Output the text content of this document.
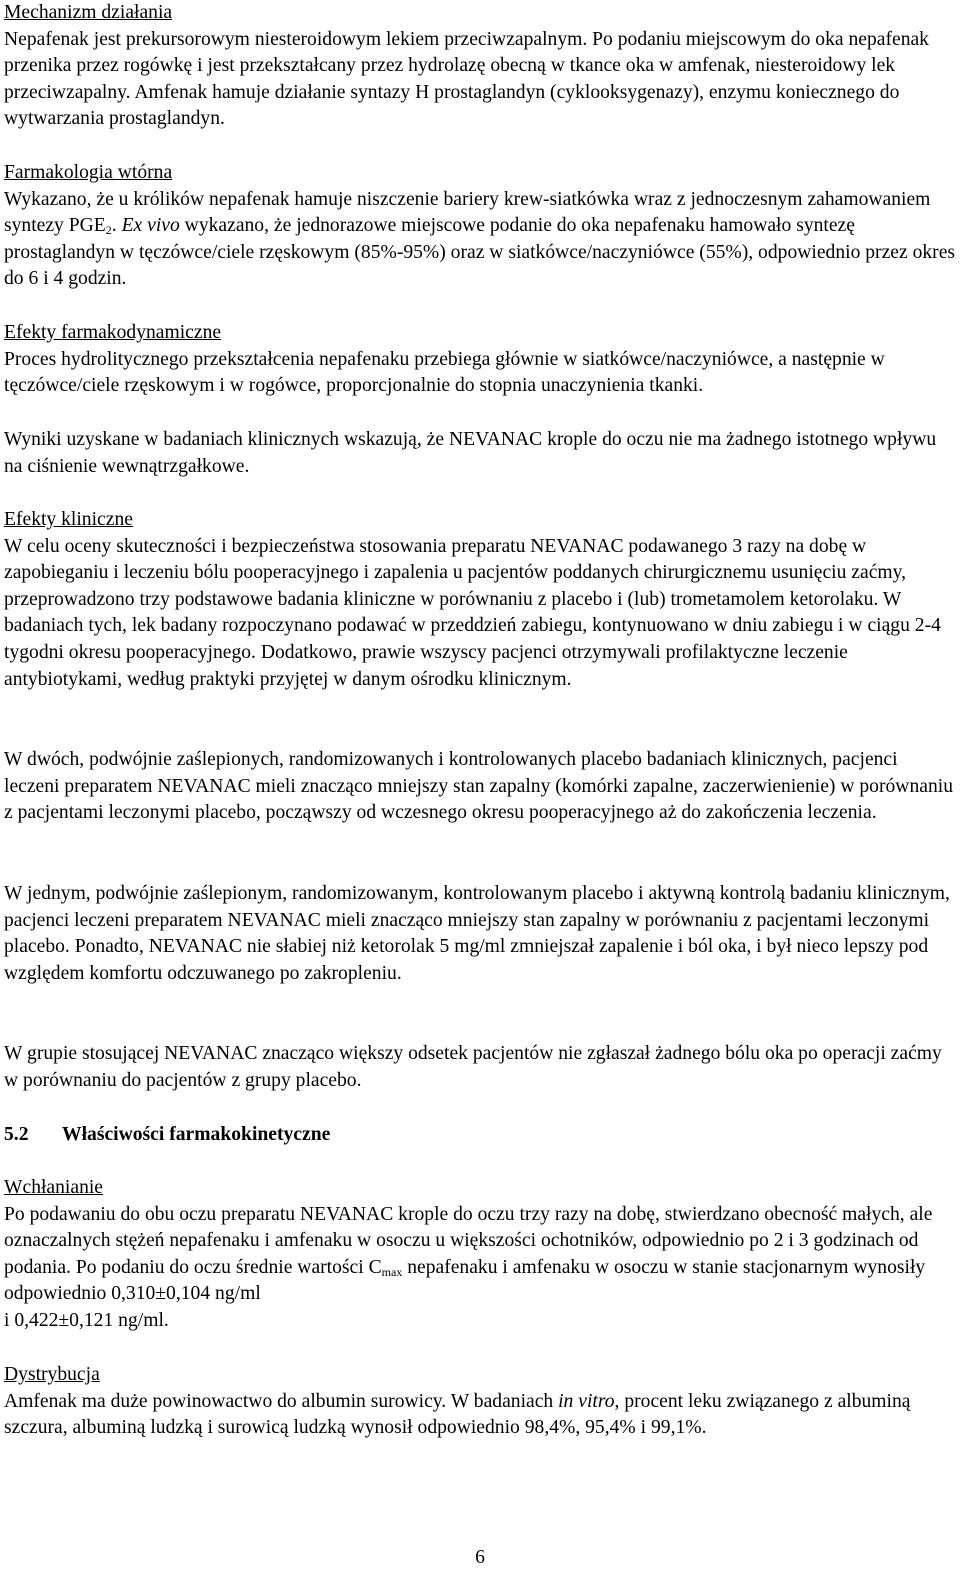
Mechanizm działania
Nepafenak jest prekursorowym niesteroidowym lekiem przeciwzapalnym. Po podaniu miejscowym do oka nepafenak przenika przez rogówkę i jest przekształcany przez hydrolazę obecną w tkance oka w amfenak, niesteroidowy lek przeciwzapalny. Amfenak hamuje działanie syntazy H prostaglandyn (cyklooksygenazy), enzymu koniecznego do wytwarzania prostaglandyn.

Farmakologia wtórna
Wykazano, że u królików nepafenak hamuje niszczenie bariery krew-siatkówka wraz z jednoczesnym zahamowaniem syntezy $PGE_2$. Ex vivo wykazano, że jednorazowe miejscowe podanie do oka nepafenaku hamowało syntezę prostaglandyn w tęczówce/ciele rzęskowym (85%-95%) oraz w siatkówce/naczyniówce (55%), odpowiednio przez okres do 6 i 4 godzin.

Efekty farmakodynamiczne
Proces hydrolitycznego przekształcenia nepafenaku przebiega głównie w siatkówce/naczyniówce, a następnie w tęczówce/ciele rzęskowym i w rogówce, proporcjonalnie do stopnia unaczynienia tkanki.

Wyniki uzyskane w badaniach klinicznych wskazują, że NEVANAC krople do oczu nie ma żadnego istotnego wpływu na ciśnienie wewnątrzgałkowe.

Efekty kliniczne
W celu oceny skuteczności i bezpieczeństwa stosowania preparatu NEVANAC podawanego 3 razy na dobę w zapobieganiu i leczeniu bólu pooperacyjnego i zapalenia u pacjentów poddanych chirurgicznemu usunięciu zaćmy, przeprowadzono trzy podstawowe badania kliniczne w porównaniu z placebo i (lub) trometamolem ketorolaku. W badaniach tych, lek badany rozpoczynano podawać w przeddzień zabiegu, kontynuowano w dniu zabiegu i w ciągu 2-4 tygodni okresu pooperacyjnego. Dodatkowo, prawie wszyscy pacjenci otrzymywali profilaktyczne leczenie antybiotykami, według praktyki przyjętej w danym ośrodku klinicznym.

W dwóch, podwójnie zaślepionych, randomizowanych i kontrolowanych placebo badaniach klinicznych, pacjenci leczeni preparatem NEVANAC mieli znacząco mniejszy stan zapalny (komórki zapalne, zaczerwienienie) w porównaniu z pacjentami leczonymi placebo, począwszy od wczesnego okresu pooperacyjnego aż do zakończenia leczenia.

W jednym, podwójnie zaślepionym, randomizowanym, kontrolowanym placebo i aktywną kontrolą badaniu klinicznym, pacjenci leczeni preparatem NEVANAC mieli znacząco mniejszy stan zapalny w porównaniu z pacjentami leczonymi placebo. Ponadto, NEVANAC nie słabiej niż ketorolak 5 mg/ml zmniejszał zapalenie i ból oka, i był nieco lepszy pod względem komfortu odczuwanego po zakropleniu.

W grupie stosującej NEVANAC znacząco większy odsetek pacjentów nie zgłaszał żadnego bólu oka po operacji zaćmy w porównaniu do pacjentów z grupy placebo.

5.2 Właściwości farmakokinetyczne

Wchłanianie
Po podawaniu do obu oczu preparatu NEVANAC krople do oczu trzy razy na dobę, stwierdzano obecność małych, ale oznaczalnych stężeń nepafenaku i amfenaku w osoczu u większości ochotników, odpowiednio po 2 i 3 godzinach od podania. Po podaniu do oczu średnie wartości $C_{max}$ nepafenaku i amfenaku w osoczu w stanie stacjonarnym wynosiły odpowiednio 0,310±0,104 ng/ml
i 0,422±0,121 ng/ml.

Dystrybucja
Amfenak ma duże powinowactwo do albumin surowicy. W badaniach in vitro, procent leku związanego z albuminą szczura, albuminą ludzką i surowicą ludzką wynosił odpowiednio 98,4%, 95,4% i 99,1%.

6
